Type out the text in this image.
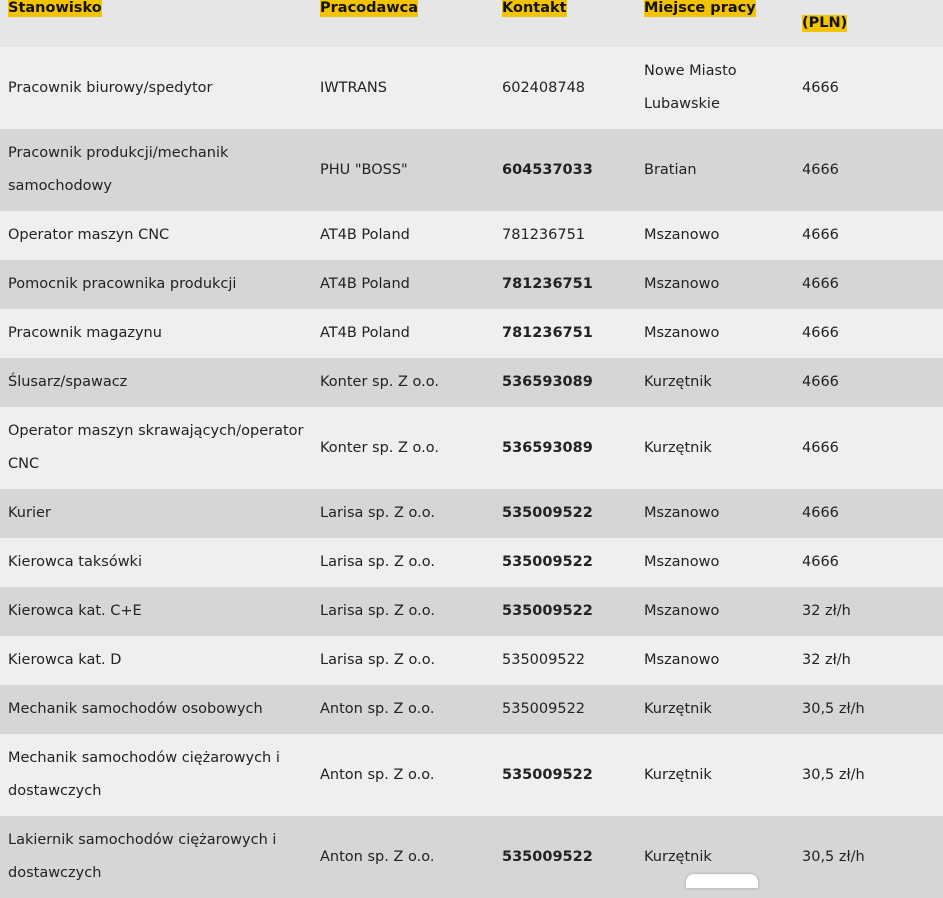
Stanowisko	Pracodawca	Kontakt	Miejsce pracy	(PLN)
Pracownik biurowy/spedytor	IWTRANS	602408748	Nowe Miasto Lubawskie	4666
Pracownik produkcji/mechanik samochodowy	PHU "BOSS"	604537033	Bratian	4666
Operator maszyn CNC	AT4B Poland	781236751	Mszanowo	4666
Pomocnik pracownika produkcji	AT4B Poland	781236751	Mszanowo	4666
Pracownik magazynu	AT4B Poland	781236751	Mszanowo	4666
Ślusarz/spawacz	Konter sp. Z o.o.	536593089	Kurzętnik	4666
Operator maszyn skrawających/operator CNC	Konter sp. Z o.o.	536593089	Kurzętnik	4666
Kurier	Larisa sp. Z o.o.	535009522	Mszanowo	4666
Kierowca taksówki	Larisa sp. Z o.o.	535009522	Mszanowo	4666
Kierowca kat. C+E	Larisa sp. Z o.o.	535009522	Mszanowo	32 zł/h
Kierowca kat. D	Larisa sp. Z o.o.	535009522	Mszanowo	32 zł/h
Mechanik samochodów osobowych	Anton sp. Z o.o.	535009522	Kurzętnik	30,5 zł/h
Mechanik samochodów ciężarowych i dostawczych	Anton sp. Z o.o.	535009522	Kurzętnik	30,5 zł/h
Lakiernik samochodów ciężarowych i dostawczych	Anton sp. Z o.o.	535009522	Kurzętnik	30,5 zł/h
